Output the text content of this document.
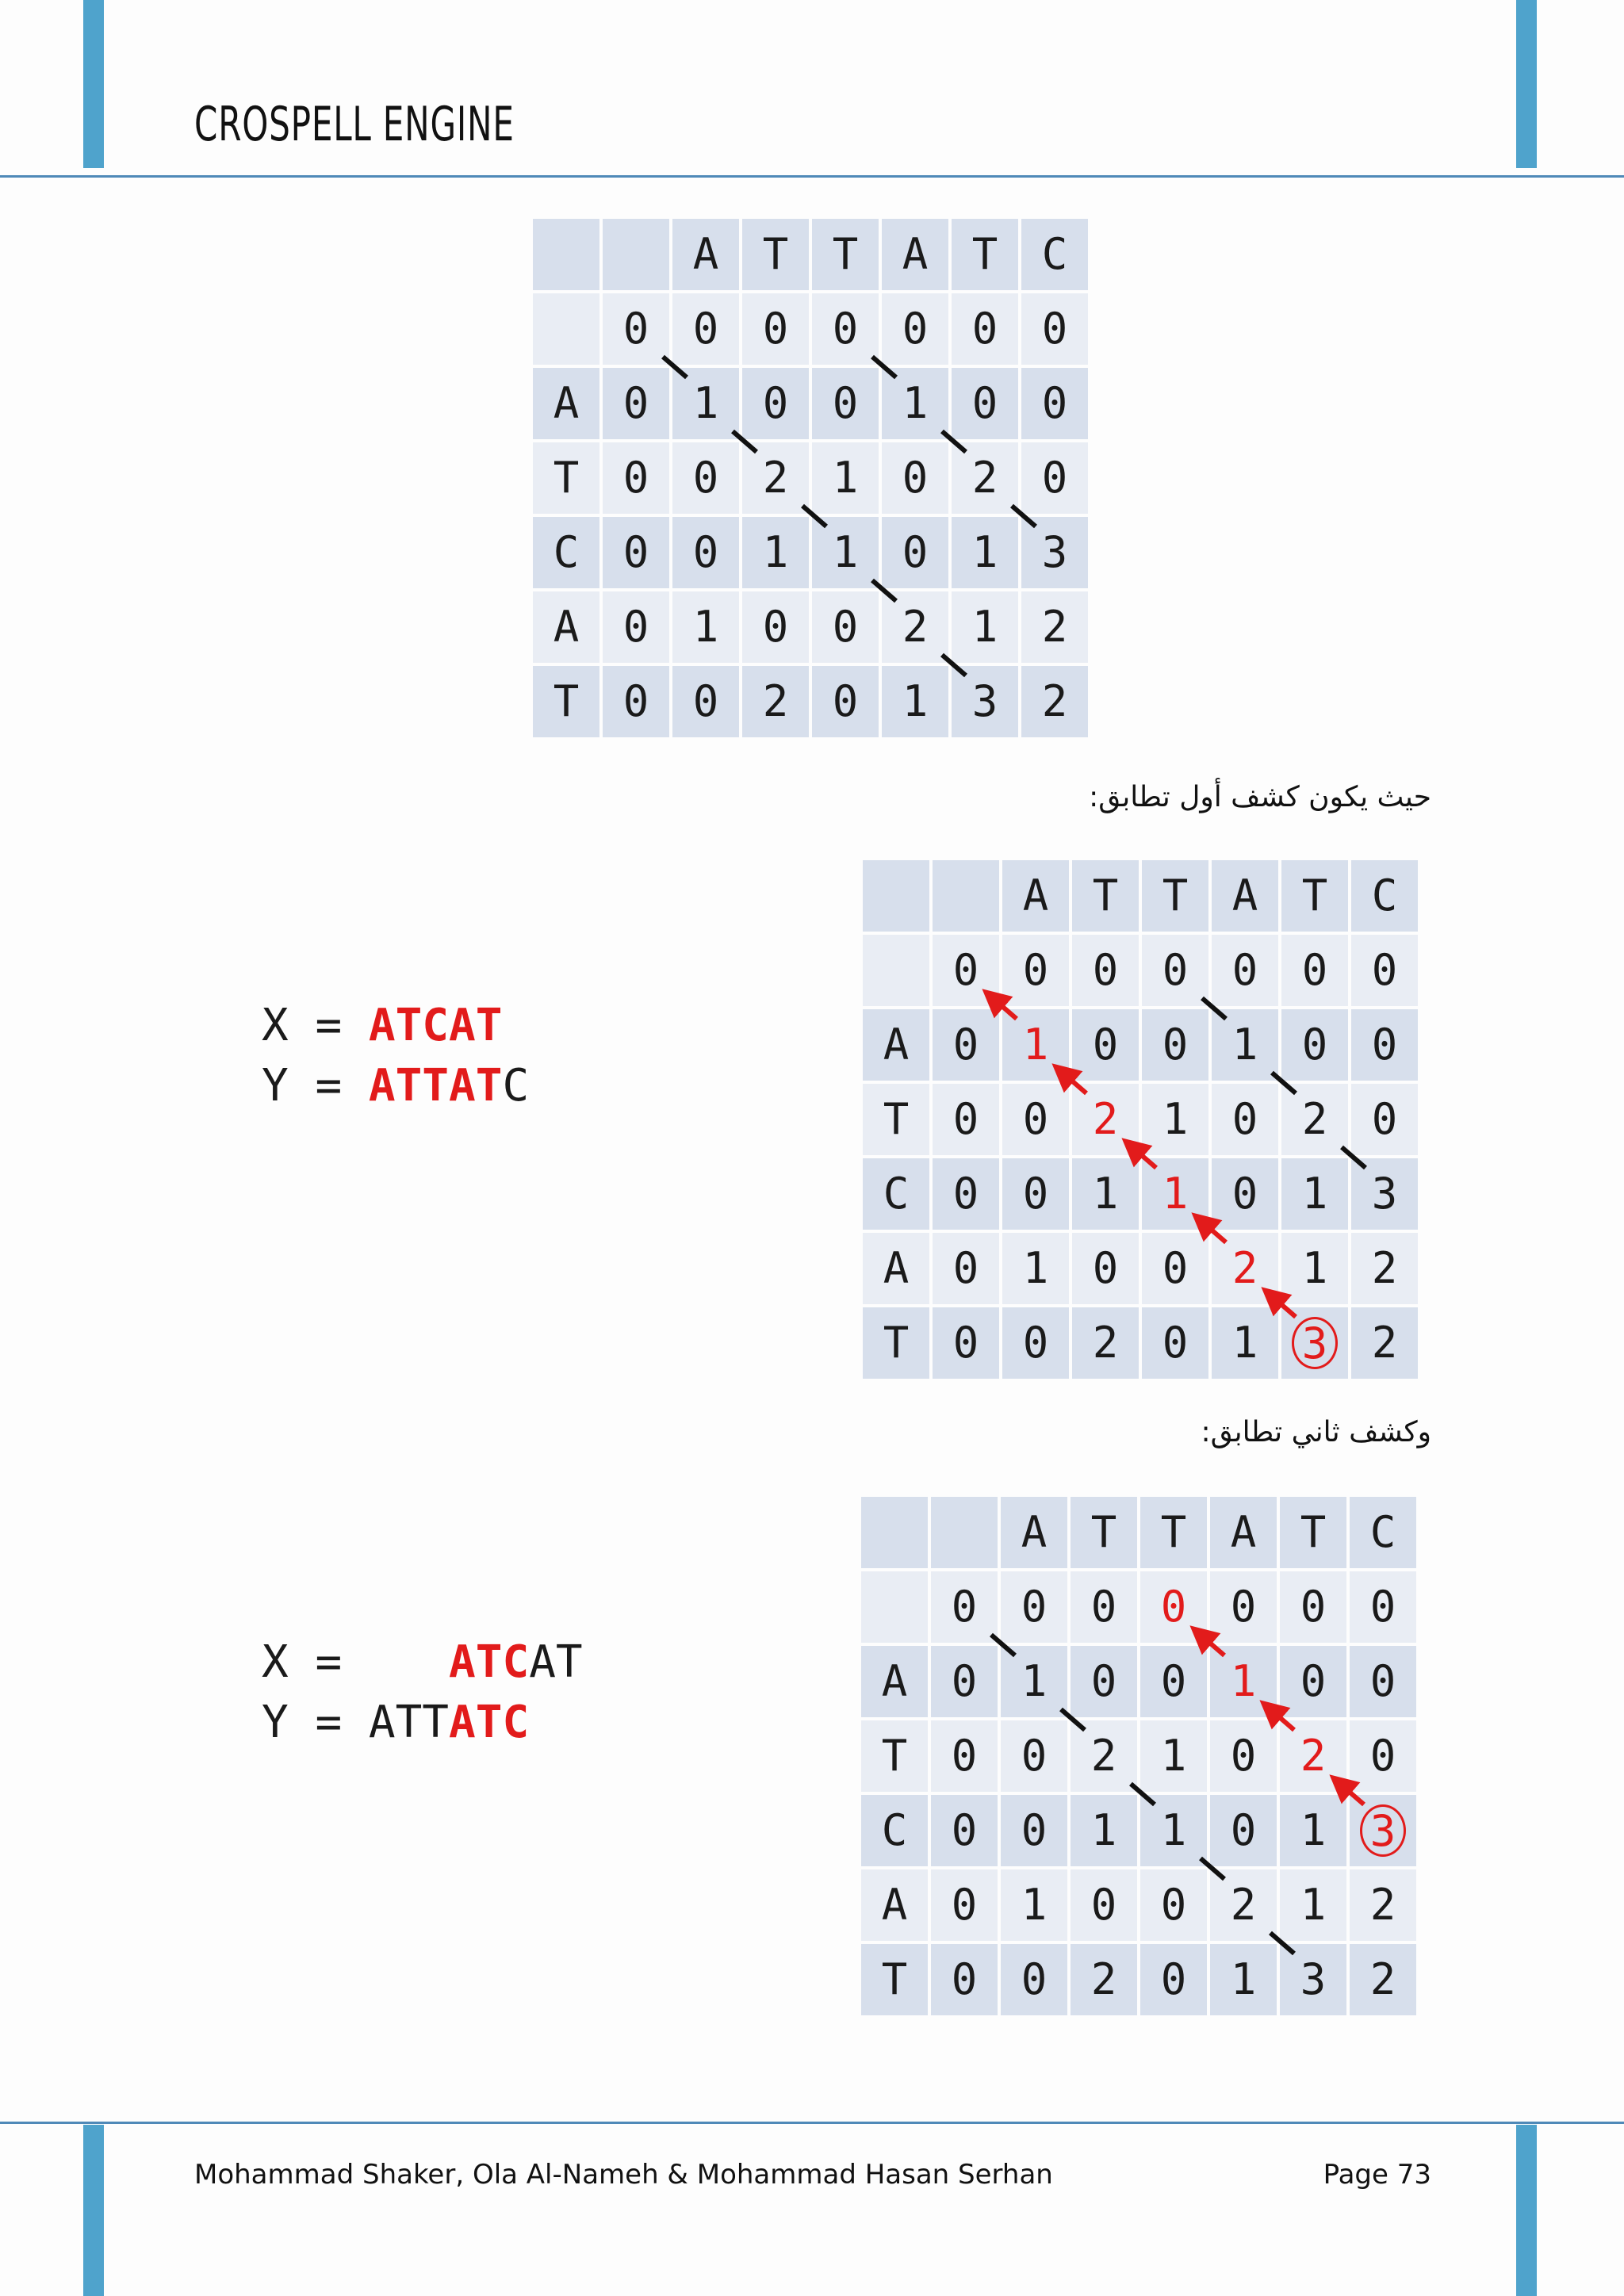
CROSPELL ENGINE
		A	T	T	A	T	C
	0	0	0	0	0	0	0
A	0	1	0	0	1	0	0
T	0	0	2	1	0	2	0
C	0	0	1	1	0	1	3
A	0	1	0	0	2	1	2
T	0	0	2	0	1	3	2
حيث يكون كشف أول تطابق:

X = ATCAT
Y = ATTATC
		A	T	T	A	T	C
	0	0	0	0	0	0	0
A	0	1	0	0	1	0	0
T	0	0	2	1	0	2	0
C	0	0	1	1	0	1	3
A	0	1	0	0	2	1	2
T	0	0	2	0	1	3	2
وكشف ثاني تطابق:

X = ATCAT
Y = ATTATC
		A	T	T	A	T	C
	0	0	0	0	0	0	0
A	0	1	0	0	1	0	0
T	0	0	2	1	0	2	0
C	0	0	1	1	0	1	3
A	0	1	0	0	2	1	2
T	0	0	2	0	1	3	2
Mohammad Shaker, Ola Al-Nameh & Mohammad Hasan Serhan	Page 73
